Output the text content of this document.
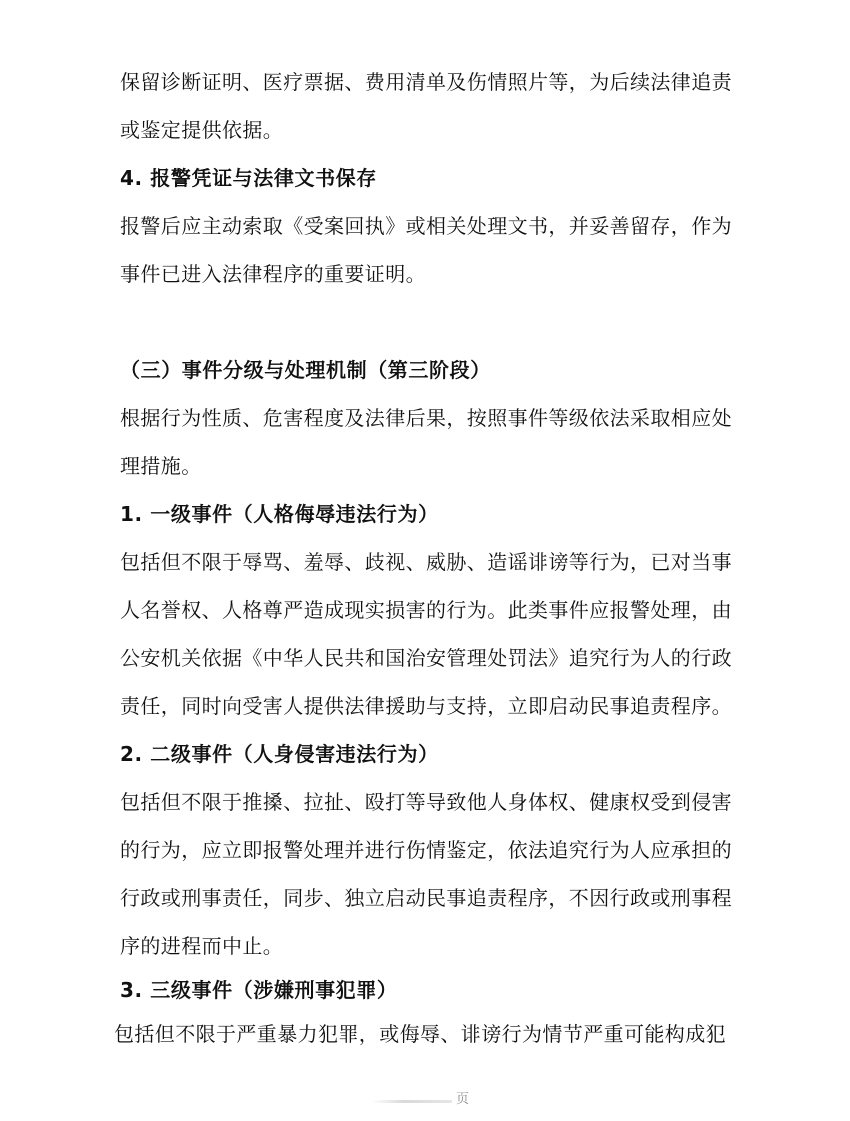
保留诊断证明、医疗票据、费用清单及伤情照片等，为后续法律追责
或鉴定提供依据。
4. 报警凭证与法律文书保存
报警后应主动索取《受案回执》或相关处理文书，并妥善留存，作为
事件已进入法律程序的重要证明。
（三）事件分级与处理机制（第三阶段）
根据行为性质、危害程度及法律后果，按照事件等级依法采取相应处
理措施。
1. 一级事件（人格侮辱违法行为）
包括但不限于辱骂、羞辱、歧视、威胁、造谣诽谤等行为，已对当事
人名誉权、人格尊严造成现实损害的行为。此类事件应报警处理，由
公安机关依据《中华人民共和国治安管理处罚法》追究行为人的行政
责任，同时向受害人提供法律援助与支持，立即启动民事追责程序。
2. 二级事件（人身侵害违法行为）
包括但不限于推搡、拉扯、殴打等导致他人身体权、健康权受到侵害
的行为，应立即报警处理并进行伤情鉴定，依法追究行为人应承担的
行政或刑事责任，同步、独立启动民事追责程序，不因行政或刑事程
序的进程而中止。
3. 三级事件（涉嫌刑事犯罪）
包括但不限于严重暴力犯罪，或侮辱、诽谤行为情节严重可能构成犯
页
